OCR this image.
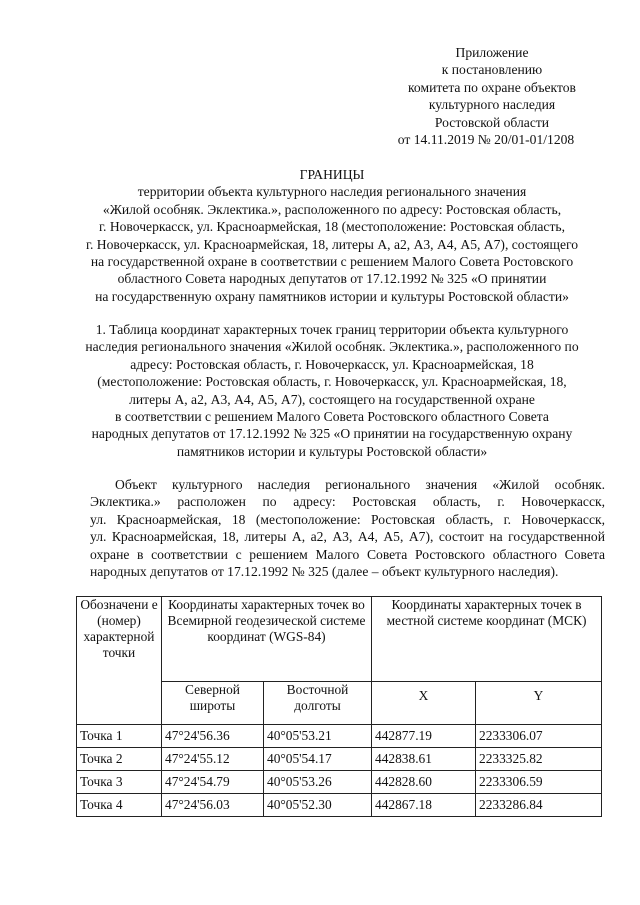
Приложение
к постановлению
комитета по охране объектов
культурного наследия
Ростовской области
от 14.11.2019 № 20/01-01/1208
ГРАНИЦЫ
территории объекта культурного наследия регионального значения
«Жилой особняк. Эклектика.», расположенного по адресу: Ростовская область,
г. Новочеркасск, ул. Красноармейская, 18 (местоположение: Ростовская область,
г. Новочеркасск, ул. Красноармейская, 18, литеры А, а2, А3, А4, А5, А7), состоящего
на государственной охране в соответствии с решением Малого Совета Ростовского
областного Совета народных депутатов от 17.12.1992 № 325 «О принятии
на государственную охрану памятников истории и культуры Ростовской области»
1. Таблица координат характерных точек границ территории объекта культурного
наследия регионального значения «Жилой особняк. Эклектика.», расположенного по
адресу: Ростовская область, г. Новочеркасск, ул. Красноармейская, 18
(местоположение: Ростовская область, г. Новочеркасск, ул. Красноармейская, 18,
литеры А, а2, А3, А4, А5, А7), состоящего на государственной охране
в соответствии с решением Малого Совета Ростовского областного Совета
народных депутатов от 17.12.1992 № 325 «О принятии на государственную охрану
памятников истории и культуры Ростовской области»
Объект культурного наследия регионального значения «Жилой особняк.
Эклектика.» расположен по адресу: Ростовская область, г. Новочеркасск,
ул. Красноармейская, 18 (местоположение: Ростовская область, г. Новочеркасск,
ул. Красноармейская, 18, литеры А, а2, А3, А4, А5, А7), состоит на государственной
охране в соответствии с решением Малого Совета Ростовского областного Совета
народных депутатов от 17.12.1992 № 325 (далее – объект культурного наследия).
Обозначени е (номер) характерной точки	Координаты характерных точек во Всемирной геодезической системе координат (WGS-84)		Координаты характерных точек в местной системе координат (МСК)	
	Северной широты	Восточной долготы	X	Y
Точка 1	47°24'56.36	40°05'53.21	442877.19	2233306.07
Точка 2	47°24'55.12	40°05'54.17	442838.61	2233325.82
Точка 3	47°24'54.79	40°05'53.26	442828.60	2233306.59
Точка 4	47°24'56.03	40°05'52.30	442867.18	2233286.84
